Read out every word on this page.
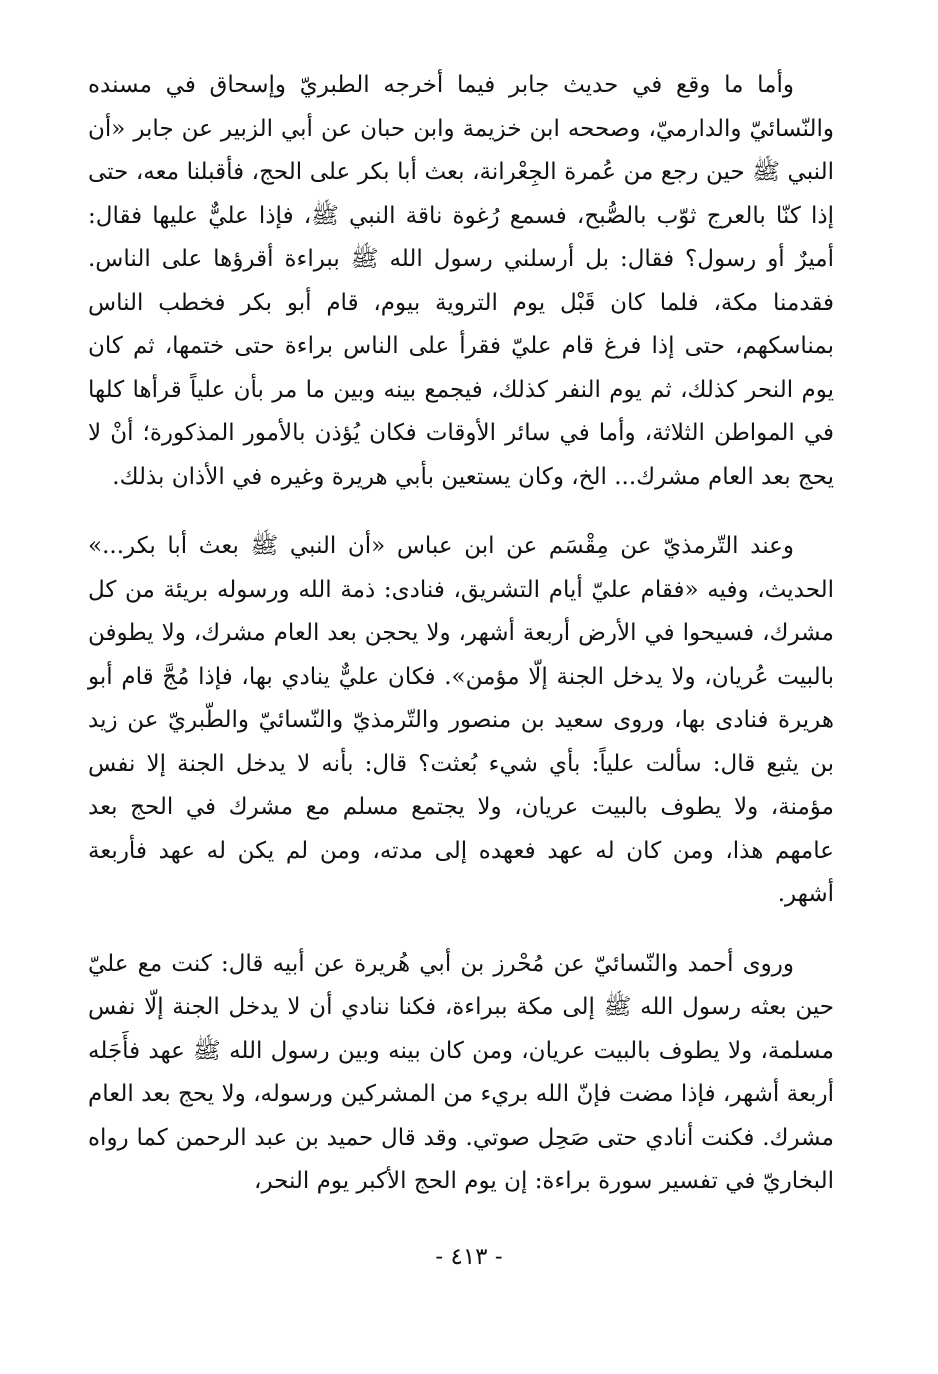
وأما ما وقع في حديث جابر فيما أخرجه الطبريّ وإسحاق في مسنده والنّسائيّ والدارميّ، وصححه ابن خزيمة وابن حبان عن أبي الزبير عن جابر «أن النبي ﷺ حين رجع من عُمرة الجِعْرانة، بعث أبا بكر على الحج، فأقبلنا معه، حتى إذا كنّا بالعرج ثوّب بالصُّبح، فسمع رُغوة ناقة النبي ﷺ، فإذا عليٌّ عليها فقال: أميرٌ أو رسول؟ فقال: بل أرسلني رسول الله ﷺ ببراءة أقرؤها على الناس. فقدمنا مكة، فلما كان قَبْل يوم التروية بيوم، قام أبو بكر فخطب الناس بمناسكهم، حتى إذا فرغ قام عليّ فقرأ على الناس براءة حتى ختمها، ثم كان يوم النحر كذلك، ثم يوم النفر كذلك، فيجمع بينه وبين ما مر بأن علياً قرأها كلها في المواطن الثلاثة، وأما في سائر الأوقات فكان يُؤذن بالأمور المذكورة؛ أنْ لا يحج بعد العام مشرك... الخ، وكان يستعين بأبي هريرة وغيره في الأذان بذلك.

وعند التّرمذيّ عن مِقْسَم عن ابن عباس «أن النبي ﷺ بعث أبا بكر...» الحديث، وفيه «فقام عليّ أيام التشريق، فنادى: ذمة الله ورسوله بريئة من كل مشرك، فسيحوا في الأرض أربعة أشهر، ولا يحجن بعد العام مشرك، ولا يطوفن بالبيت عُريان، ولا يدخل الجنة إلّا مؤمن». فكان عليٌّ ينادي بها، فإذا مُجَّ قام أبو هريرة فنادى بها، وروى سعيد بن منصور والتّرمذيّ والنّسائيّ والطّبريّ عن زيد بن يثيع قال: سألت علياً: بأي شيء بُعثت؟ قال: بأنه لا يدخل الجنة إلا نفس مؤمنة، ولا يطوف بالبيت عريان، ولا يجتمع مسلم مع مشرك في الحج بعد عامهم هذا، ومن كان له عهد فعهده إلى مدته، ومن لم يكن له عهد فأربعة أشهر.

وروى أحمد والنّسائيّ عن مُحْرز بن أبي هُريرة عن أبيه قال: كنت مع عليّ حين بعثه رسول الله ﷺ إلى مكة ببراءة، فكنا ننادي أن لا يدخل الجنة إلّا نفس مسلمة، ولا يطوف بالبيت عريان، ومن كان بينه وبين رسول الله ﷺ عهد فأَجَله أربعة أشهر، فإذا مضت فإنّ الله بريء من المشركين ورسوله، ولا يحج بعد العام مشرك. فكنت أنادي حتى صَحِل صوتي. وقد قال حميد بن عبد الرحمن كما رواه البخاريّ في تفسير سورة براءة: إن يوم الحج الأكبر يوم النحر،

- ٤١٣ -
